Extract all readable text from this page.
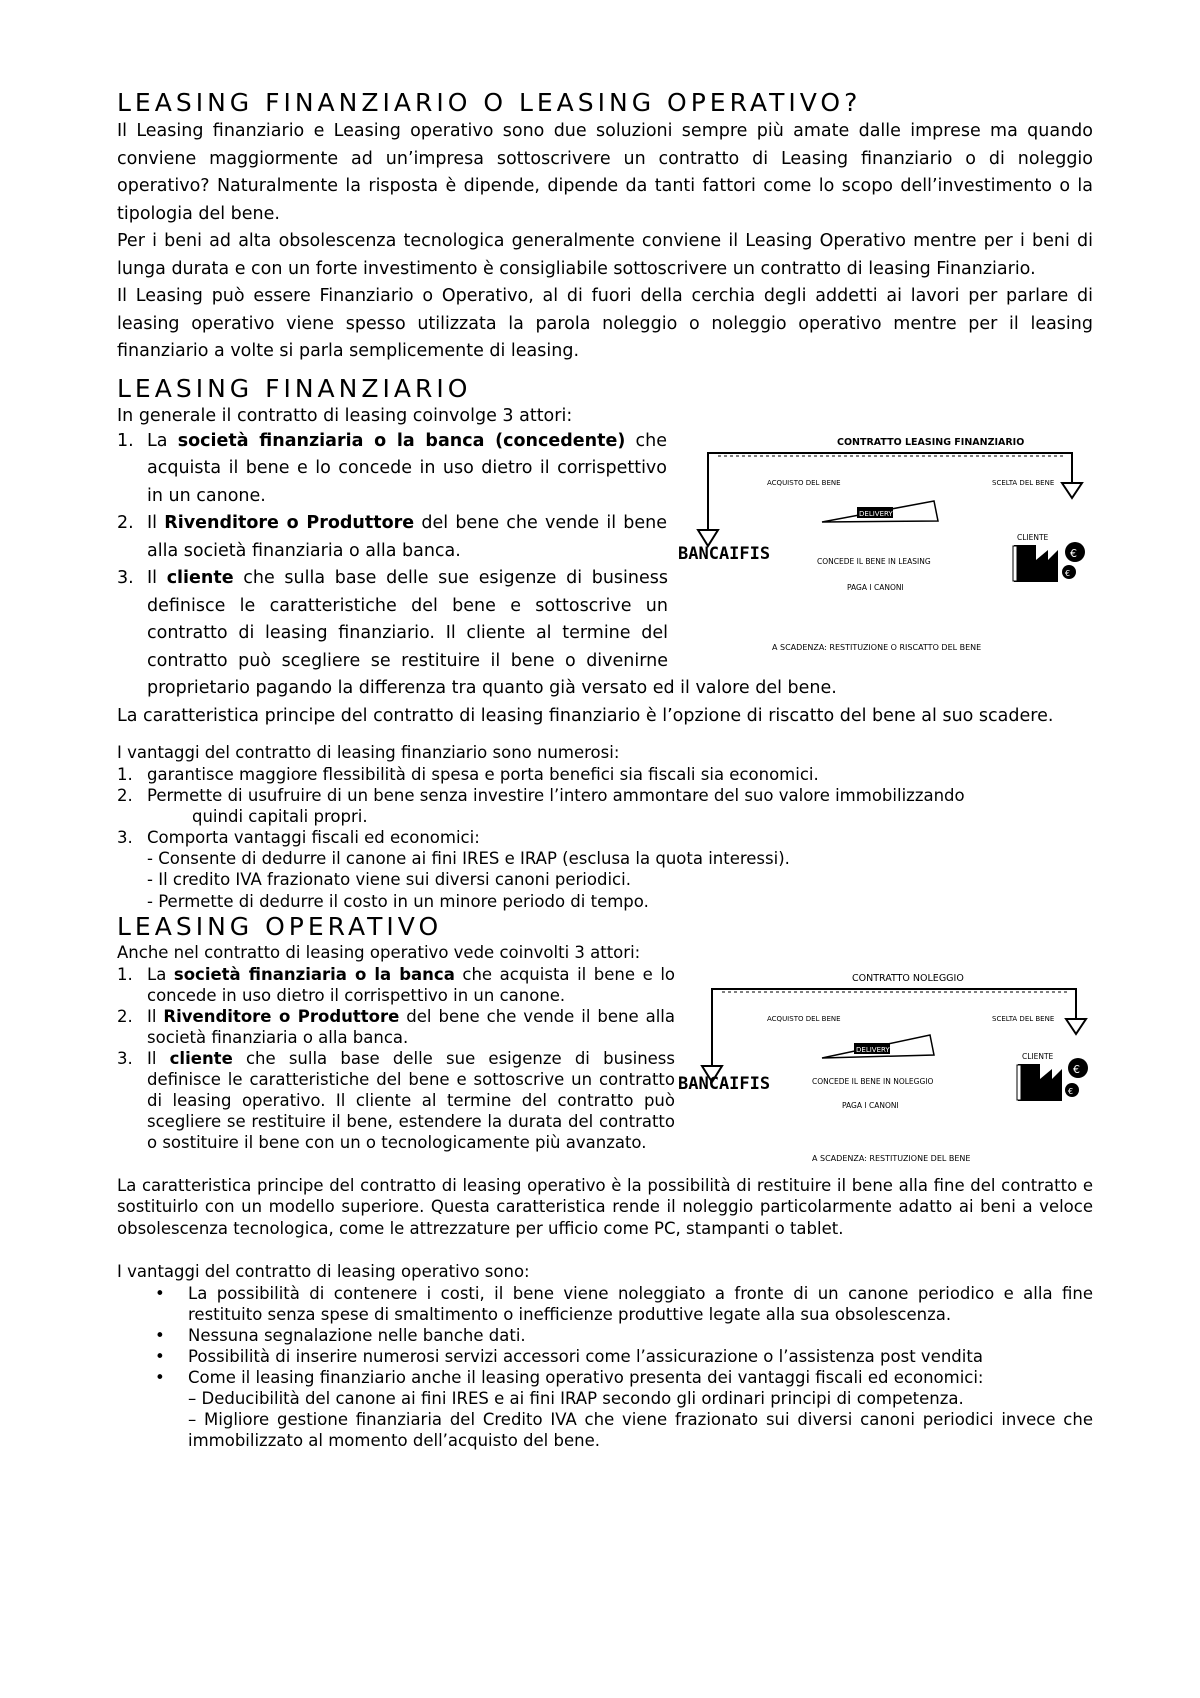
LEASING FINANZIARIO O LEASING OPERATIVO?

Il Leasing finanziario e Leasing operativo sono due soluzioni sempre più amate dalle imprese ma quando conviene maggiormente ad un’impresa sottoscrivere un contratto di Leasing finanziario o di noleggio operativo? Naturalmente la risposta è dipende, dipende da tanti fattori come lo scopo dell’investimento o la tipologia del bene.

Per i beni ad alta obsolescenza tecnologica generalmente conviene il Leasing Operativo mentre per i beni di lunga durata e con un forte investimento è consigliabile sottoscrivere un contratto di leasing Finanziario.

Il Leasing può essere Finanziario o Operativo, al di fuori della cerchia degli addetti ai lavori per parlare di leasing operativo viene spesso utilizzata la parola noleggio o noleggio operativo mentre per il leasing finanziario a volte si parla semplicemente di leasing.

LEASING FINANZIARIO

In generale il contratto di leasing coinvolge 3 attori:

1. La società finanziaria o la banca (concedente) che acquista il bene e lo concede in uso dietro il corrispettivo in un canone.
2. Il Rivenditore o Produttore del bene che vende il bene alla società finanziaria o alla banca.
3. Il cliente che sulla base delle sue esigenze di business definisce le caratteristiche del bene e sottoscrive un contratto di leasing finanziario. Il cliente al termine del contratto può scegliere se restituire il bene o divenirne proprietario pagando la differenza tra quanto già versato ed il valore del bene.
CONTRATTO LEASING FINANZIARIO
ACQUISTO DEL BENE	SCELTA DEL BENE
DELIVERY
BANCAIFIS
CLIENTE
€
€
CONCEDE IL BENE IN LEASING
PAGA I CANONI
A SCADENZA: RESTITUZIONE O RISCATTO DEL BENE

La caratteristica principe del contratto di leasing finanziario è l’opzione di riscatto del bene al suo scadere.

I vantaggi del contratto di leasing finanziario sono numerosi:

1. garantisce maggiore flessibilità di spesa e porta benefici sia fiscali sia economici.
2. Permette di usufruire di un bene senza investire l’intero ammontare del suo valore immobilizzando
quindi capitali propri.
3. Comporta vantaggi fiscali ed economici:

- Consente di dedurre il canone ai fini IRES e IRAP (esclusa la quota interessi).

- Il credito IVA frazionato viene sui diversi canoni periodici.

- Permette di dedurre il costo in un minore periodo di tempo.

LEASING OPERATIVO

Anche nel contratto di leasing operativo vede coinvolti 3 attori:

1. La società finanziaria o la banca che acquista il bene e lo concede in uso dietro il corrispettivo in un canone.
2. Il Rivenditore o Produttore del bene che vende il bene alla società finanziaria o alla banca.
3. Il cliente che sulla base delle sue esigenze di business definisce le caratteristiche del bene e sottoscrive un contratto di leasing operativo. Il cliente al termine del contratto può scegliere se restituire il bene, estendere la durata del contratto o sostituire il bene con un o tecnologicamente più avanzato.
CONTRATTO NOLEGGIO
ACQUISTO DEL BENE	SCELTA DEL BENE
DELIVERY
BANCAIFIS
CLIENTE
€
€
CONCEDE IL BENE IN NOLEGGIO
PAGA I CANONI
A SCADENZA: RESTITUZIONE DEL BENE

La caratteristica principe del contratto di leasing operativo è la possibilità di restituire il bene alla fine del contratto e sostituirlo con un modello superiore. Questa caratteristica rende il noleggio particolarmente adatto ai beni a veloce obsolescenza tecnologica, come le attrezzature per ufficio come PC, stampanti o tablet.

I vantaggi del contratto di leasing operativo sono:

• La possibilità di contenere i costi, il bene viene noleggiato a fronte di un canone periodico e alla fine restituito senza spese di smaltimento o inefficienze produttive legate alla sua obsolescenza.
• Nessuna segnalazione nelle banche dati.
• Possibilità di inserire numerosi servizi accessori come l’assicurazione o l’assistenza post vendita
• Come il leasing finanziario anche il leasing operativo presenta dei vantaggi fiscali ed economici:
– Deducibilità del canone ai fini IRES e ai fini IRAP secondo gli ordinari principi di competenza.
– Migliore gestione finanziaria del Credito IVA che viene frazionato sui diversi canoni periodici invece che immobilizzato al momento dell’acquisto del bene.
